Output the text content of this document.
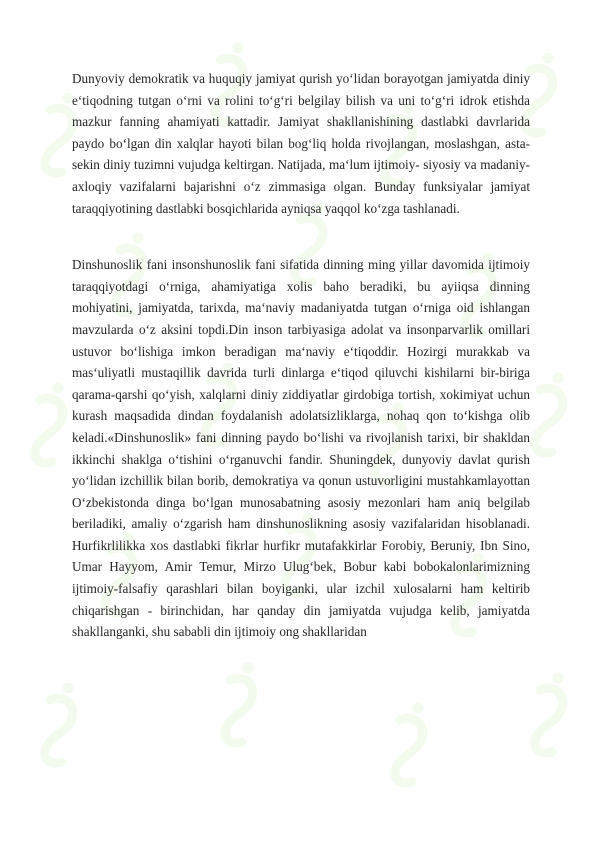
Dunyoviy demokratik va huquqiy jamiyat qurish yoʻlidan borayotgan jamiyatda diniy eʻtiqodning tutgan oʻrni va rolini toʻgʻri belgilay bilish va uni toʻgʻri idrok etishda mazkur fanning ahamiyati kattadir. Jamiyat shakllanishining dastlabki davrlarida paydo boʻlgan din xalqlar hayoti bilan bogʻliq holda rivojlangan, moslashgan, asta-sekin diniy tuzimni vujudga keltirgan. Natijada, maʻlum ijtimoiy- siyosiy va madaniy-axloqiy vazifalarni bajarishni oʻz zimmasiga olgan. Bunday funksiyalar jamiyat taraqqiyotining dastlabki bosqichlarida ayniqsa yaqqol koʻzga tashlanadi.

Dinshunoslik fani insonshunoslik fani sifatida dinning ming yillar davomida ijtimoiy taraqqiyotdagi oʻrniga, ahamiyatiga xolis baho beradiki, bu ayiiqsa dinning mohiyatini, jamiyatda, tarixda, maʻnaviy madaniyatda tutgan oʻrniga oid ishlangan mavzularda oʻz aksini topdi.Din inson tarbiyasiga adolat va insonparvarlik omillari ustuvor boʻlishiga imkon beradigan maʻnaviy eʻtiqoddir. Hozirgi murakkab va masʻuliyatli mustaqillik davrida turli dinlarga eʻtiqod qiluvchi kishilarni bir-biriga qarama-qarshi qoʻyish, xalqlarni diniy ziddiyatlar girdobiga tortish, xokimiyat uchun kurash maqsadida dindan foydalanish adolatsizliklarga, nohaq qon toʻkishga olib keladi.«Dinshunoslik» fani dinning paydo boʻlishi va rivojlanish tarixi, bir shakldan ikkinchi shaklga oʻtishini oʻrganuvchi fandir. Shuningdek, dunyoviy davlat qurish yoʻlidan izchillik bilan borib, demokratiya va qonun ustuvorligini mustahkamlayottan Oʻzbekistonda dinga boʻlgan munosabatning asosiy mezonlari ham aniq belgilab beriladiki, amaliy oʻzgarish ham dinshunoslikning asosiy vazifalaridan hisoblanadi. Hurfikrlilikka xos dastlabki fikrlar hurfikr mutafakkirlar Forobiy, Beruniy, Ibn Sino, Umar Hayyom, Amir Temur, Mirzo Ulugʻbek, Bobur kabi bobokalonlarimizning ijtimoiy-falsafiy qarashlari bilan boyiganki, ular izchil xulosalarni ham keltirib chiqarishgan - birinchidan, har qanday din jamiyatda vujudga kelib, jamiyatda shakllanganki, shu sababli din ijtimoiy ong shakllaridan
